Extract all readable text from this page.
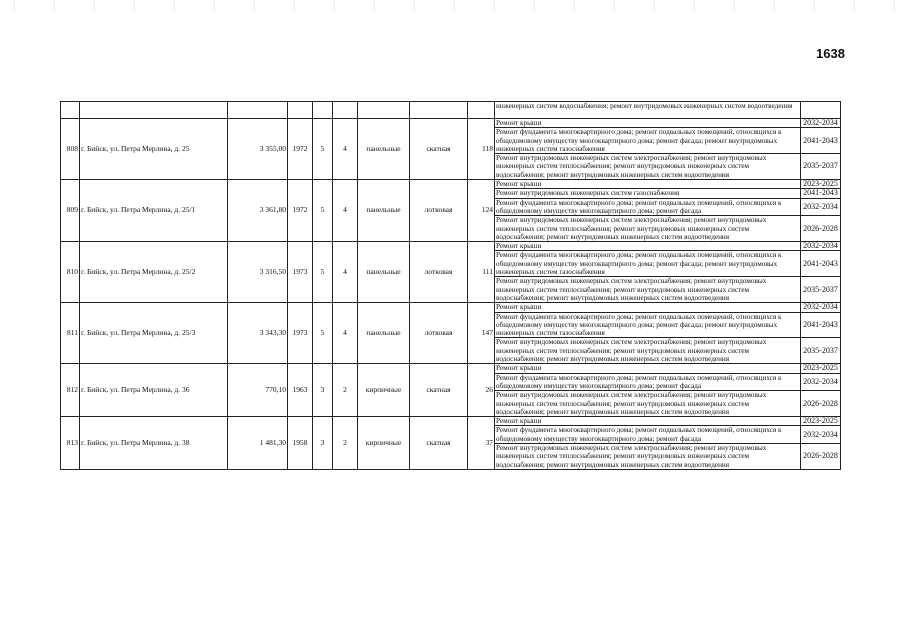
1638
									инженерных систем водоснабжения; ремонт внутридомовых инженерных систем водоотведения	
808	г. Бийск, ул. Петра Мерлина, д. 25	3 355,00	1972	5	4	панельные	скатная	118	Ремонт крыши	2032-2034
									Ремонт фундамента многоквартирного дома; ремонт подвальных помещений, относящихся к общедомовому имуществу многоквартирного дома; ремонт фасада; ремонт внутридомовых инженерных систем газоснабжения	2041-2043
									Ремонт внутридомовых инженерных систем электроснабжения; ремонт внутридомовых инженерных систем теплоснабжения; ремонт внутридомовых инженерных систем водоснабжения; ремонт внутридомовых инженерных систем водоотведения	2035-2037
809	г. Бийск, ул. Петра Мерлина, д. 25/1	3 361,80	1972	5	4	панельные	лотковая	124	Ремонт крыши	2023-2025
									Ремонт внутридомовых инженерных систем газоснабжения	2041-2043
									Ремонт фундамента многоквартирного дома; ремонт подвальных помещений, относящихся к общедомовому имуществу многоквартирного дома; ремонт фасада	2032-2034
									Ремонт внутридомовых инженерных систем электроснабжения; ремонт внутридомовых инженерных систем теплоснабжения; ремонт внутридомовых инженерных систем водоснабжения; ремонт внутридомовых инженерных систем водоотведения	2026-2028
810	г. Бийск, ул. Петра Мерлина, д. 25/2	3 316,50	1973	5	4	панельные	лотковая	111	Ремонт крыши	2032-2034
									Ремонт фундамента многоквартирного дома; ремонт подвальных помещений, относящихся к общедомовому имуществу многоквартирного дома; ремонт фасада; ремонт внутридомовых инженерных систем газоснабжения	2041-2043
									Ремонт внутридомовых инженерных систем электроснабжения; ремонт внутридомовых инженерных систем теплоснабжения; ремонт внутридомовых инженерных систем водоснабжения; ремонт внутридомовых инженерных систем водоотведения	2035-2037
811	г. Бийск, ул. Петра Мерлина, д. 25/3	3 343,30	1973	5	4	панельные	лотковая	147	Ремонт крыши	2032-2034
									Ремонт фундамента многоквартирного дома; ремонт подвальных помещений, относящихся к общедомовому имуществу многоквартирного дома; ремонт фасада; ремонт внутридомовых инженерных систем газоснабжения	2041-2043
									Ремонт внутридомовых инженерных систем электроснабжения; ремонт внутридомовых инженерных систем теплоснабжения; ремонт внутридомовых инженерных систем водоснабжения; ремонт внутридомовых инженерных систем водоотведения	2035-2037
812	г. Бийск, ул. Петра Мерлина, д. 36	770,10	1963	3	2	кирпичные	скатная	26	Ремонт крыши	2023-2025
									Ремонт фундамента многоквартирного дома; ремонт подвальных помещений, относящихся к общедомовому имуществу многоквартирного дома; ремонт фасада	2032-2034
									Ремонт внутридомовых инженерных систем электроснабжения; ремонт внутридомовых инженерных систем теплоснабжения; ремонт внутридомовых инженерных систем водоснабжения; ремонт внутридомовых инженерных систем водоотведения	2026-2028
813	г. Бийск, ул. Петра Мерлина, д. 38	1 481,30	1958	3	2	кирпичные	скатная	37	Ремонт крыши	2023-2025
									Ремонт фундамента многоквартирного дома; ремонт подвальных помещений, относящихся к общедомовому имуществу многоквартирного дома; ремонт фасада	2032-2034
									Ремонт внутридомовых инженерных систем электроснабжения; ремонт внутридомовых инженерных систем теплоснабжения; ремонт внутридомовых инженерных систем водоснабжения; ремонт внутридомовых инженерных систем водоотведения	2026-2028
